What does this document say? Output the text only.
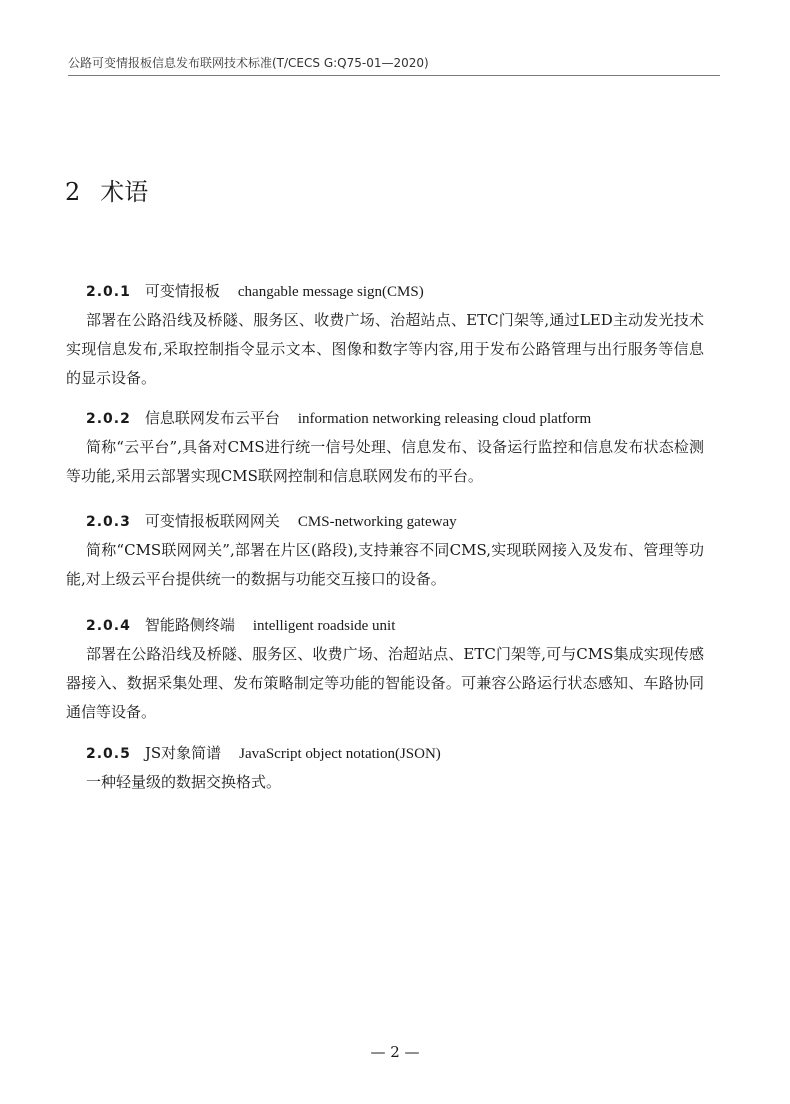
公路可变情报板信息发布联网技术标准(T/CECS G:Q75-01—2020)
2 术语
2.0.1 可变情报板 changable message sign(CMS)

部署在公路沿线及桥隧、服务区、收费广场、治超站点、ETC门架等,通过LED主动发光技术实现信息发布,采取控制指令显示文本、图像和数字等内容,用于发布公路管理与出行服务等信息的显示设备。

2.0.2 信息联网发布云平台 information networking releasing cloud platform

简称“云平台”,具备对CMS进行统一信号处理、信息发布、设备运行监控和信息发布状态检测等功能,采用云部署实现CMS联网控制和信息联网发布的平台。

2.0.3 可变情报板联网网关 CMS-networking gateway

简称“CMS联网网关”,部署在片区(路段),支持兼容不同CMS,实现联网接入及发布、管理等功能,对上级云平台提供统一的数据与功能交互接口的设备。

2.0.4 智能路侧终端 intelligent roadside unit

部署在公路沿线及桥隧、服务区、收费广场、治超站点、ETC门架等,可与CMS集成实现传感器接入、数据采集处理、发布策略制定等功能的智能设备。可兼容公路运行状态感知、车路协同通信等设备。

2.0.5 JS对象简谱 JavaScript object notation(JSON)

一种轻量级的数据交换格式。

— 2 —
